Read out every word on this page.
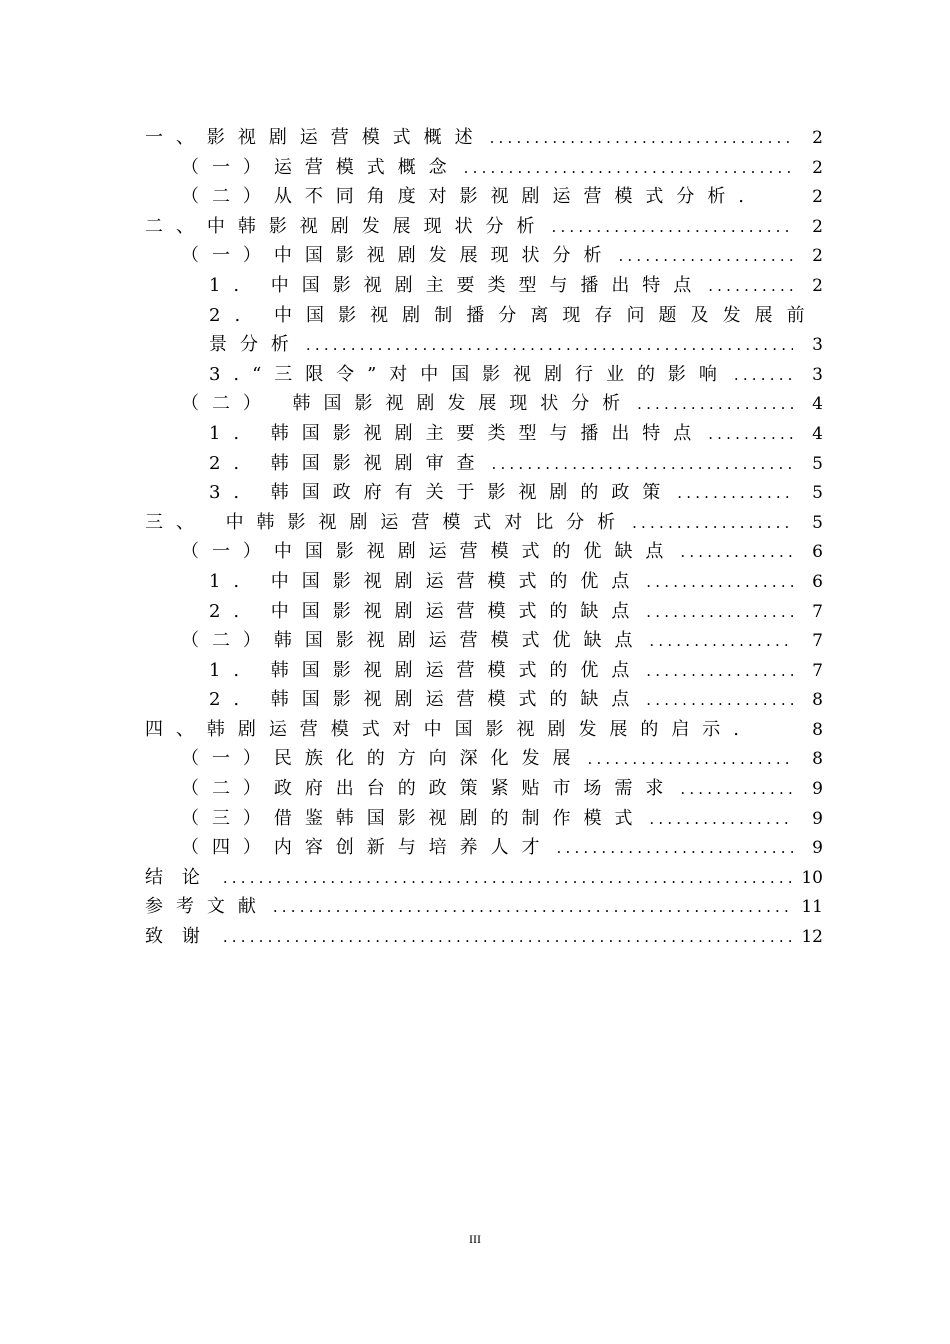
一、影视剧运营模式概述 .....	2
（一）运营模式概念 .....	2
（二）从不同角度对影视剧运营模式分析.	2
二、中韩影视剧发展现状分析 .....	2
（一）中国影视剧发展现状分析 .....	2
1. 中国影视剧主要类型与播出特点 .....	2
2. 中国影视剧制播分离现存问题及发展前
景分析 .....	3
3.“三限令”对中国影视剧行业的影响 .....	3
（二） 韩国影视剧发展现状分析 .....	4
1. 韩国影视剧主要类型与播出特点 .....	4
2. 韩国影视剧审查 .....	5
3. 韩国政府有关于影视剧的政策 .....	5
三、 中韩影视剧运营模式对比分析 .....	5
（一）中国影视剧运营模式的优缺点 .....	6
1. 中国影视剧运营模式的优点 .....	6
2. 中国影视剧运营模式的缺点 .....	7
（二）韩国影视剧运营模式优缺点 .....	7
1. 韩国影视剧运营模式的优点 .....	7
2. 韩国影视剧运营模式的缺点 .....	8
四、韩剧运营模式对中国影视剧发展的启示.	8
（一）民族化的方向深化发展 .....	8
（二）政府出台的政策紧贴市场需求 .....	9
（三）借鉴韩国影视剧的制作模式 .....	9
（四）内容创新与培养人才 .....	9
结论 .....	10
参考文献 .....	11
致谢 .....	12
III
